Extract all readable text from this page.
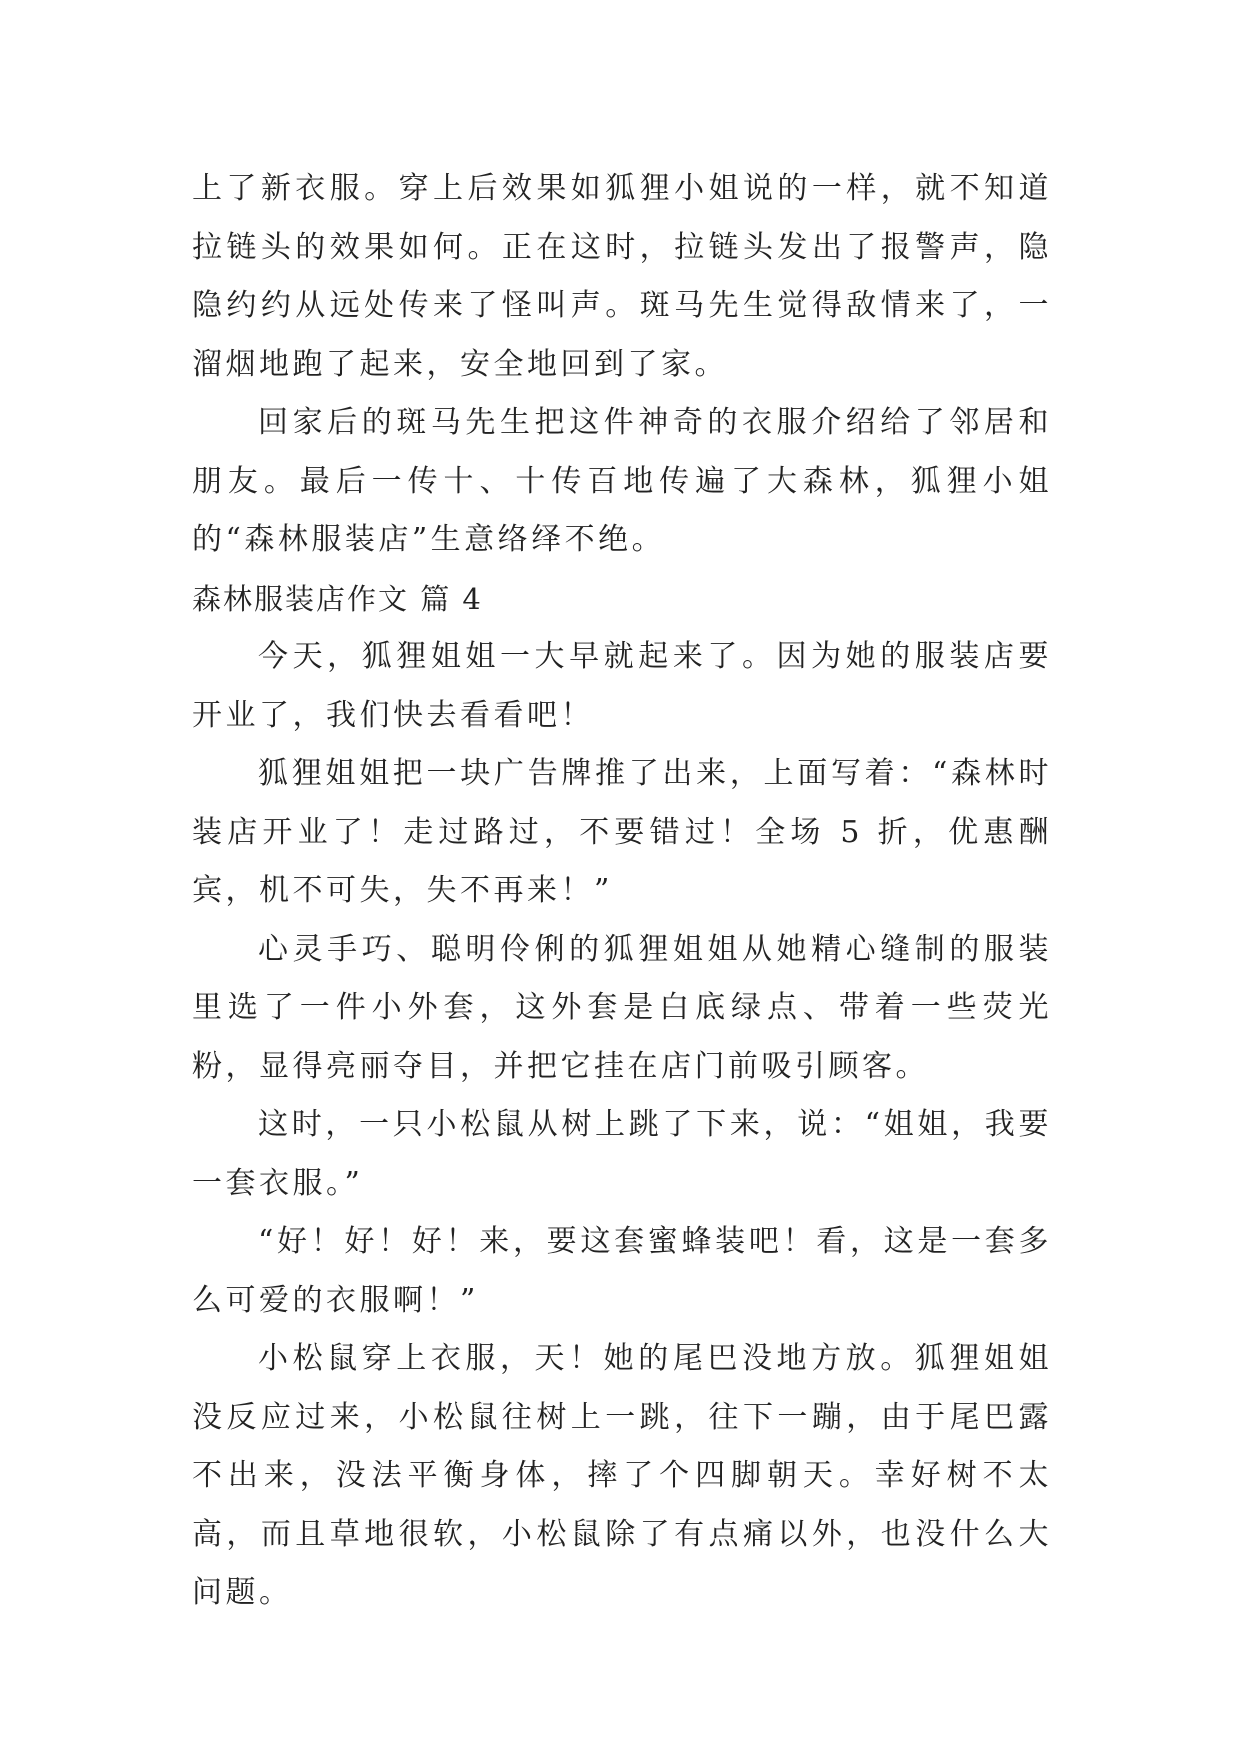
上了新衣服。穿上后效果如狐狸小姐说的一样，就不知道拉链头的效果如何。正在这时，拉链头发出了报警声，隐隐约约从远处传来了怪叫声。斑马先生觉得敌情来了，一溜烟地跑了起来，安全地回到了家。

回家后的斑马先生把这件神奇的衣服介绍给了邻居和朋友。最后一传十、十传百地传遍了大森林，狐狸小姐的“森林服装店”生意络绎不绝。

森林服装店作文 篇 4

今天，狐狸姐姐一大早就起来了。因为她的服装店要开业了，我们快去看看吧！

狐狸姐姐把一块广告牌推了出来，上面写着：“森林时装店开业了！走过路过，不要错过！全场 5 折，优惠酬宾，机不可失，失不再来！”

心灵手巧、聪明伶俐的狐狸姐姐从她精心缝制的服装里选了一件小外套，这外套是白底绿点、带着一些荧光粉，显得亮丽夺目，并把它挂在店门前吸引顾客。

这时，一只小松鼠从树上跳了下来，说：“姐姐，我要一套衣服。”

“好！好！好！来，要这套蜜蜂装吧！看，这是一套多么可爱的衣服啊！”

小松鼠穿上衣服，天！她的尾巴没地方放。狐狸姐姐没反应过来，小松鼠往树上一跳，往下一蹦，由于尾巴露不出来，没法平衡身体，摔了个四脚朝天。幸好树不太高，而且草地很软，小松鼠除了有点痛以外，也没什么大问题。
